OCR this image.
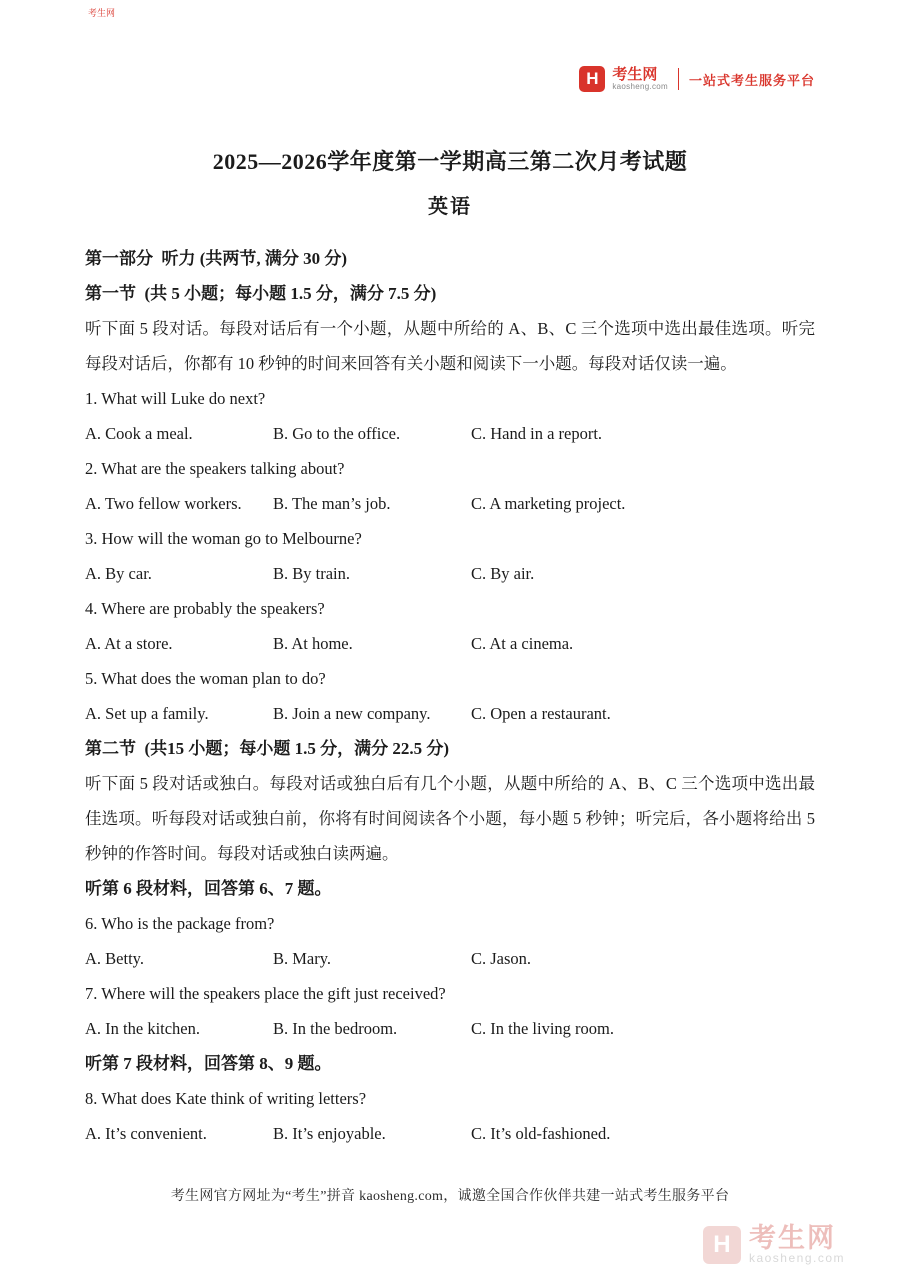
考生网
H 考生网
kaosheng.com 一站式考生服务平台
2025—2026学年度第一学期高三第二次月考试题
英语
第一部分  听力 (共两节, 满分 30 分)
第一节  (共 5 小题；每小题 1.5 分，满分 7.5 分)
听下面 5 段对话。每段对话后有一个小题，从题中所给的 A、B、C 三个选项中选出最佳选项。听完每段对话后，你都有 10 秒钟的时间来回答有关小题和阅读下一小题。每段对话仅读一遍。
1. What will Luke do next?
A. Cook a meal.	B. Go to the office.	C. Hand in a report.
2. What are the speakers talking about?
A. Two fellow workers.	B. The man’s job.	C. A marketing project.
3. How will the woman go to Melbourne?
A. By car.	B. By train.	C. By air.
4. Where are probably the speakers?
A. At a store.	B. At home.	C. At a cinema.
5. What does the woman plan to do?
A. Set up a family.	B. Join a new company.	C. Open a restaurant.
第二节  (共15 小题；每小题 1.5 分，满分 22.5 分)
听下面 5 段对话或独白。每段对话或独白后有几个小题，从题中所给的 A、B、C 三个选项中选出最佳选项。听每段对话或独白前，你将有时间阅读各个小题，每小题 5 秒钟；听完后，各小题将给出 5 秒钟的作答时间。每段对话或独白读两遍。
听第 6 段材料，回答第 6、7 题。
6. Who is the package from?
A. Betty.	B. Mary.	C. Jason.
7. Where will the speakers place the gift just received?
A. In the kitchen.	B. In the bedroom.	C. In the living room.
听第 7 段材料，回答第 8、9 题。
8. What does Kate think of writing letters?
A. It’s convenient.	B. It’s enjoyable.	C. It’s old-fashioned.
考生网官方网址为“考生”拼音 kaosheng.com，诚邀全国合作伙伴共建一站式考生服务平台
H 考生网
kaosheng.com
